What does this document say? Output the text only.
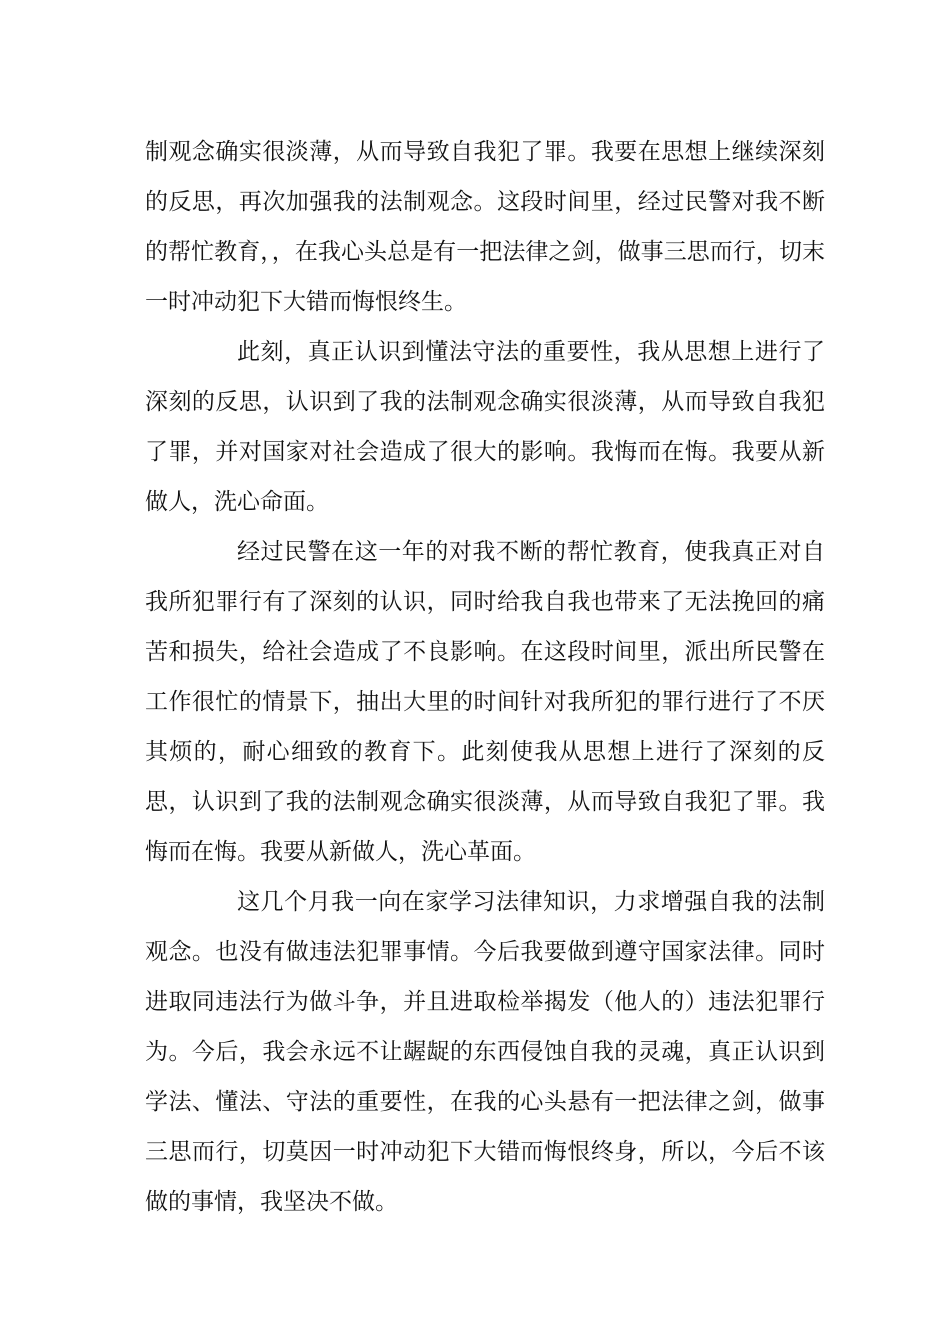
制观念确实很淡薄，从而导致自我犯了罪。我要在思想上继续深刻的反思，再次加强我的法制观念。这段时间里，经过民警对我不断的帮忙教育，，在我心头总是有一把法律之剑，做事三思而行，切末一时冲动犯下大错而悔恨终生。

此刻，真正认识到懂法守法的重要性，我从思想上进行了深刻的反思，认识到了我的法制观念确实很淡薄，从而导致自我犯了罪，并对国家对社会造成了很大的影响。我悔而在悔。我要从新做人，洗心命面。

经过民警在这一年的对我不断的帮忙教育，使我真正对自我所犯罪行有了深刻的认识，同时给我自我也带来了无法挽回的痛苦和损失，给社会造成了不良影响。在这段时间里，派出所民警在工作很忙的情景下，抽出大里的时间针对我所犯的罪行进行了不厌其烦的，耐心细致的教育下。此刻使我从思想上进行了深刻的反思，认识到了我的法制观念确实很淡薄，从而导致自我犯了罪。我悔而在悔。我要从新做人，洗心革面。

这几个月我一向在家学习法律知识，力求增强自我的法制观念。也没有做违法犯罪事情。今后我要做到遵守国家法律。同时进取同违法行为做斗争，并且进取检举揭发（他人的）违法犯罪行为。今后，我会永远不让龌龊的东西侵蚀自我的灵魂，真正认识到学法、懂法、守法的重要性，在我的心头悬有一把法律之剑，做事三思而行，切莫因一时冲动犯下大错而悔恨终身，所以，今后不该做的事情，我坚决不做。
